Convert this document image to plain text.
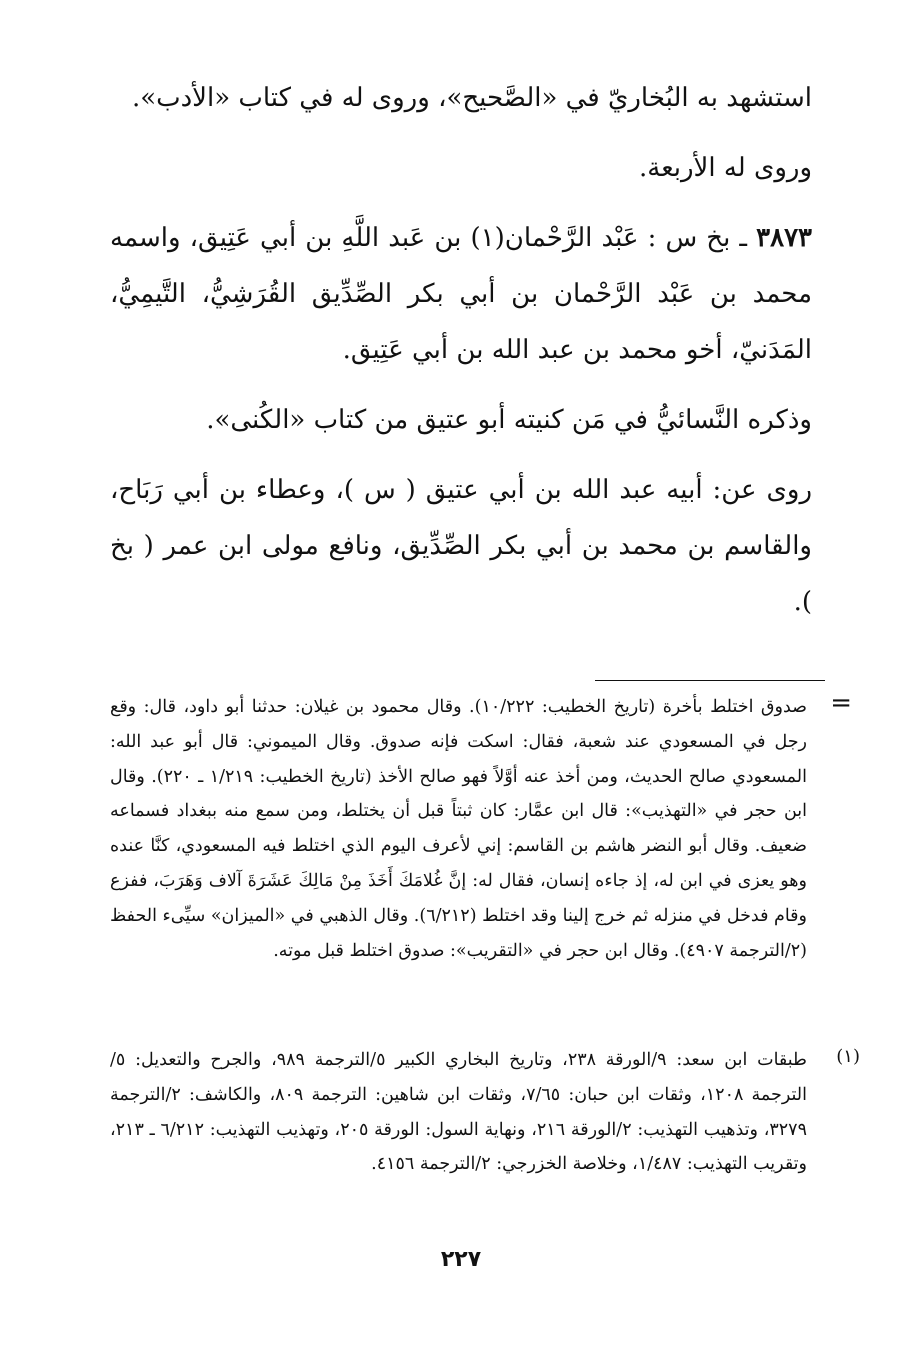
استشهد به البُخاريّ في «الصَّحيح»، وروى له في كتاب «الأدب».

وروى له الأربعة.

٣٨٧٣ ـ بخ س : عَبْد الرَّحْمان(١) بن عَبد اللَّهِ بن أبي عَتِيق، واسمه محمد بن عَبْد الرَّحْمان بن أبي بكر الصِّدِّيق القُرَشِيُّ، التَّيمِيُّ، المَدَنيّ، أخو محمد بن عبد الله بن أبي عَتِيق.

وذكره النَّسائيُّ في مَن كنيته أبو عتيق من كتاب «الكُنى».

روى عن: أبيه عبد الله بن أبي عتيق ( س )، وعطاء بن أبي رَبَاح، والقاسم بن محمد بن أبي بكر الصِّدِّيق، ونافع مولى ابن عمر ( بخ ).

=

صدوق اختلط بأخرة (تاريخ الخطيب: ١٠/٢٢٢). وقال محمود بن غيلان: حدثنا أبو داود، قال: وقع رجل في المسعودي عند شعبة، فقال: اسكت فإنه صدوق. وقال الميموني: قال أبو عبد الله: المسعودي صالح الحديث، ومن أخذ عنه أوَّلاً فهو صالح الأخذ (تاريخ الخطيب: ١/٢١٩ ـ ٢٢٠). وقال ابن حجر في «التهذيب»: قال ابن عمَّار: كان ثبتاً قبل أن يختلط، ومن سمع منه ببغداد فسماعه ضعيف. وقال أبو النضر هاشم بن القاسم: إني لأعرف اليوم الذي اختلط فيه المسعودي، كنَّا عنده وهو يعزى في ابن له، إذ جاءه إنسان، فقال له: إنَّ غُلامَكَ أَخَذَ مِنْ مَالِكَ عَشَرَةَ آلاف وَهَرَبَ، ففزع وقام فدخل في منزله ثم خرج إلينا وقد اختلط (٦/٢١٢). وقال الذهبي في «الميزان» سيِّىء الحفظ (٢/الترجمة ٤٩٠٧). وقال ابن حجر في «التقريب»: صدوق اختلط قبل موته.

(١)

طبقات ابن سعد: ٩/الورقة ٢٣٨، وتاريخ البخاري الكبير ٥/الترجمة ٩٨٩، والجرح والتعديل: ٥/الترجمة ١٢٠٨، وثقات ابن حبان: ٧/٦٥، وثقات ابن شاهين: الترجمة ٨٠٩، والكاشف: ٢/الترجمة ٣٢٧٩، وتذهيب التهذيب: ٢/الورقة ٢١٦، ونهاية السول: الورقة ٢٠٥، وتهذيب التهذيب: ٦/٢١٢ ـ ٢١٣، وتقريب التهذيب: ١/٤٨٧، وخلاصة الخزرجي: ٢/الترجمة ٤١٥٦.

٢٢٧
